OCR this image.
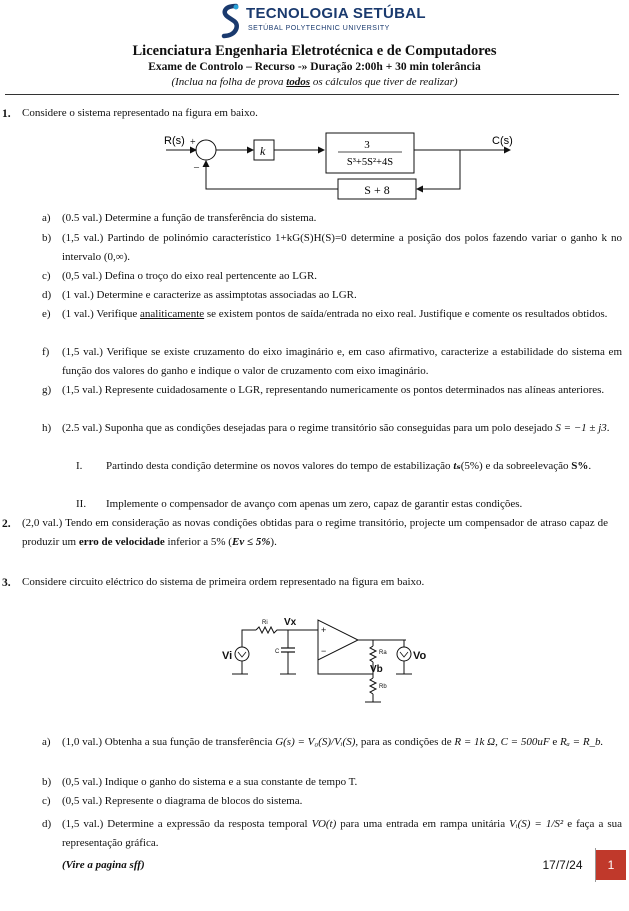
TECNOLOGIA SETÚBAL
SETÚBAL POLYTECHNIC UNIVERSITY
Licenciatura Engenharia Eletrotécnica e de Computadores
Exame de Controlo – Recurso -» Duração 2:00h + 30 min tolerância
(Inclua na folha de prova todos os cálculos que tiver de realizar)
1. Considere o sistema representado na figura em baixo.
R(s) +
–
k	3
S³+5S²+4S
C(s)
S + 8
a) (0.5 val.) Determine a função de transferência do sistema.
b) (1,5 val.) Partindo de polinómio característico 1+kG(S)H(S)=0 determine a posição dos polos fazendo variar o ganho k no intervalo (0,∞).
c) (0,5 val.) Defina o troço do eixo real pertencente ao LGR.
d) (1 val.) Determine e caracterize as assimptotas associadas ao LGR.
e) (1 val.) Verifique analiticamente se existem pontos de saída/entrada no eixo real. Justifique e comente os resultados obtidos.
f) (1,5 val.) Verifique se existe cruzamento do eixo imaginário e, em caso afirmativo, caracterize a estabilidade do sistema em função dos valores do ganho e indique o valor de cruzamento com eixo imaginário.
g) (1,5 val.) Represente cuidadosamente o LGR, representando numericamente os pontos determinados nas alíneas anteriores.
h) (2.5 val.) Suponha que as condições desejadas para o regime transitório são conseguidas para um polo desejado S = −1 ± j3.
I. Partindo desta condição determine os novos valores do tempo de estabilização tₛ(5%) e da sobreelevação S%.
II. Implemente o compensador de avanço com apenas um zero, capaz de garantir estas condições.
2. (2,0 val.) Tendo em consideração as novas condições obtidas para o regime transitório, projecte um compensador de atraso capaz de produzir um erro de velocidade inferior a 5% (Ev ≤ 5%).
3. Considere circuito eléctrico do sistema de primeira ordem representado na figura em baixo.
Vi
Ri Vx
C
+
−	Ra
Vb
Rb
Vo
a) (1,0 val.) Obtenha a sua função de transferência G(s) = V₀(S)/Vᵢ(S), para as condições de R = 1k Ω, C = 500uF e Rₐ = R_b.
b) (0,5 val.) Indique o ganho do sistema e a sua constante de tempo T.
c) (0,5 val.) Represente o diagrama de blocos do sistema.
d) (1,5 val.) Determine a expressão da resposta temporal VO(t) para uma entrada em rampa unitária Vᵢ(S) = 1/S² e faça a sua representação gráfica.
(Vire a pagina sff)	17/7/24	1
